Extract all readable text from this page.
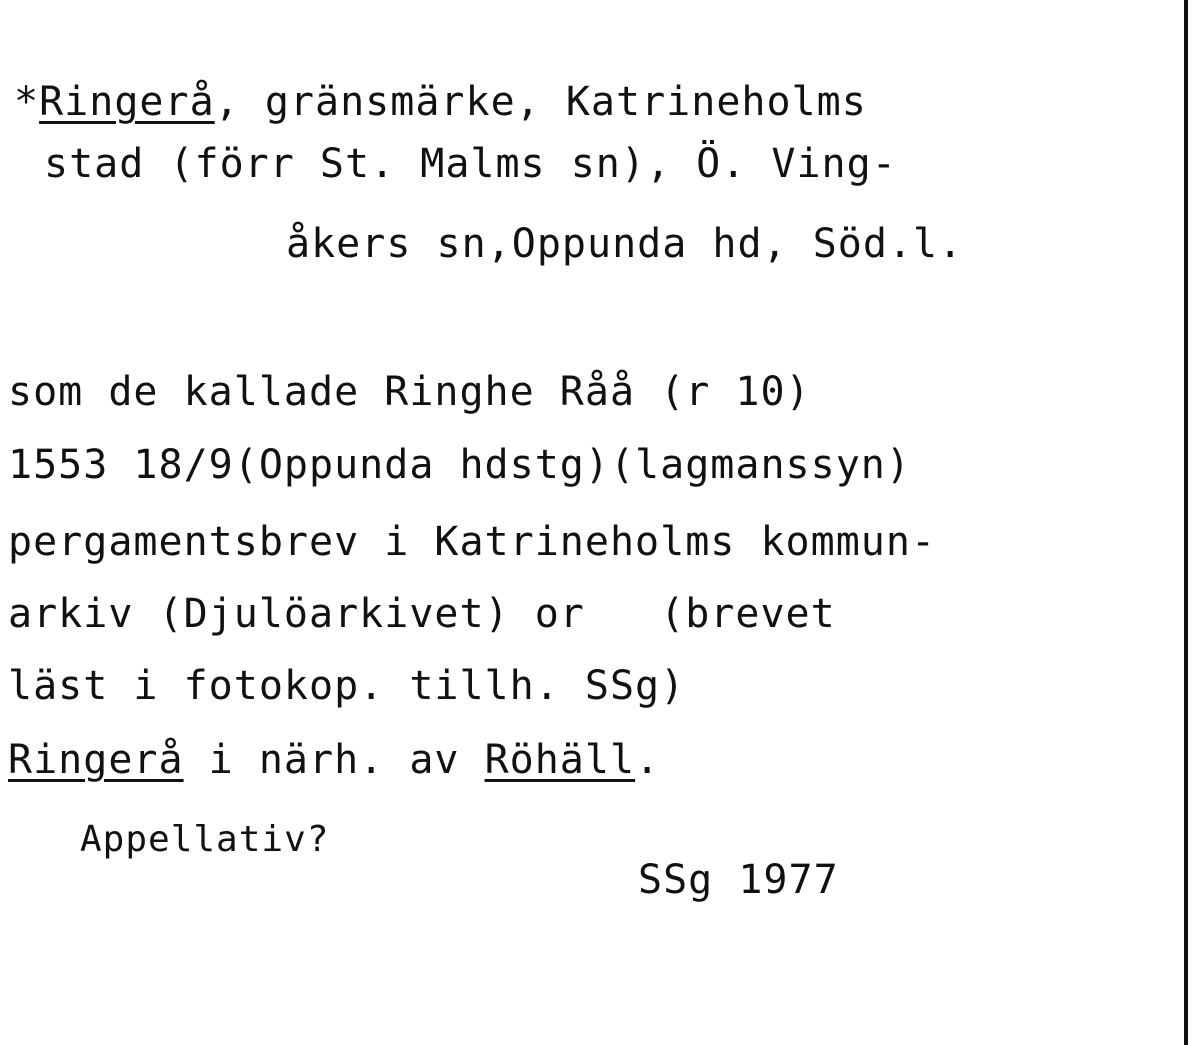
*Ringerå, gränsmärke, Katrineholms
stad (förr St. Malms sn), Ö. Ving-
åkers sn,Oppunda hd, Söd.l.
som de kallade Ringhe Råå (r 10)
1553 18/9(Oppunda hdstg)(lagmanssyn)
pergamentsbrev i Katrineholms kommun-
arkiv (Djulöarkivet) or   (brevet
läst i fotokop. tillh. SSg)
Ringerå i närh. av Röhäll.
Appellativ?
SSg 1977
